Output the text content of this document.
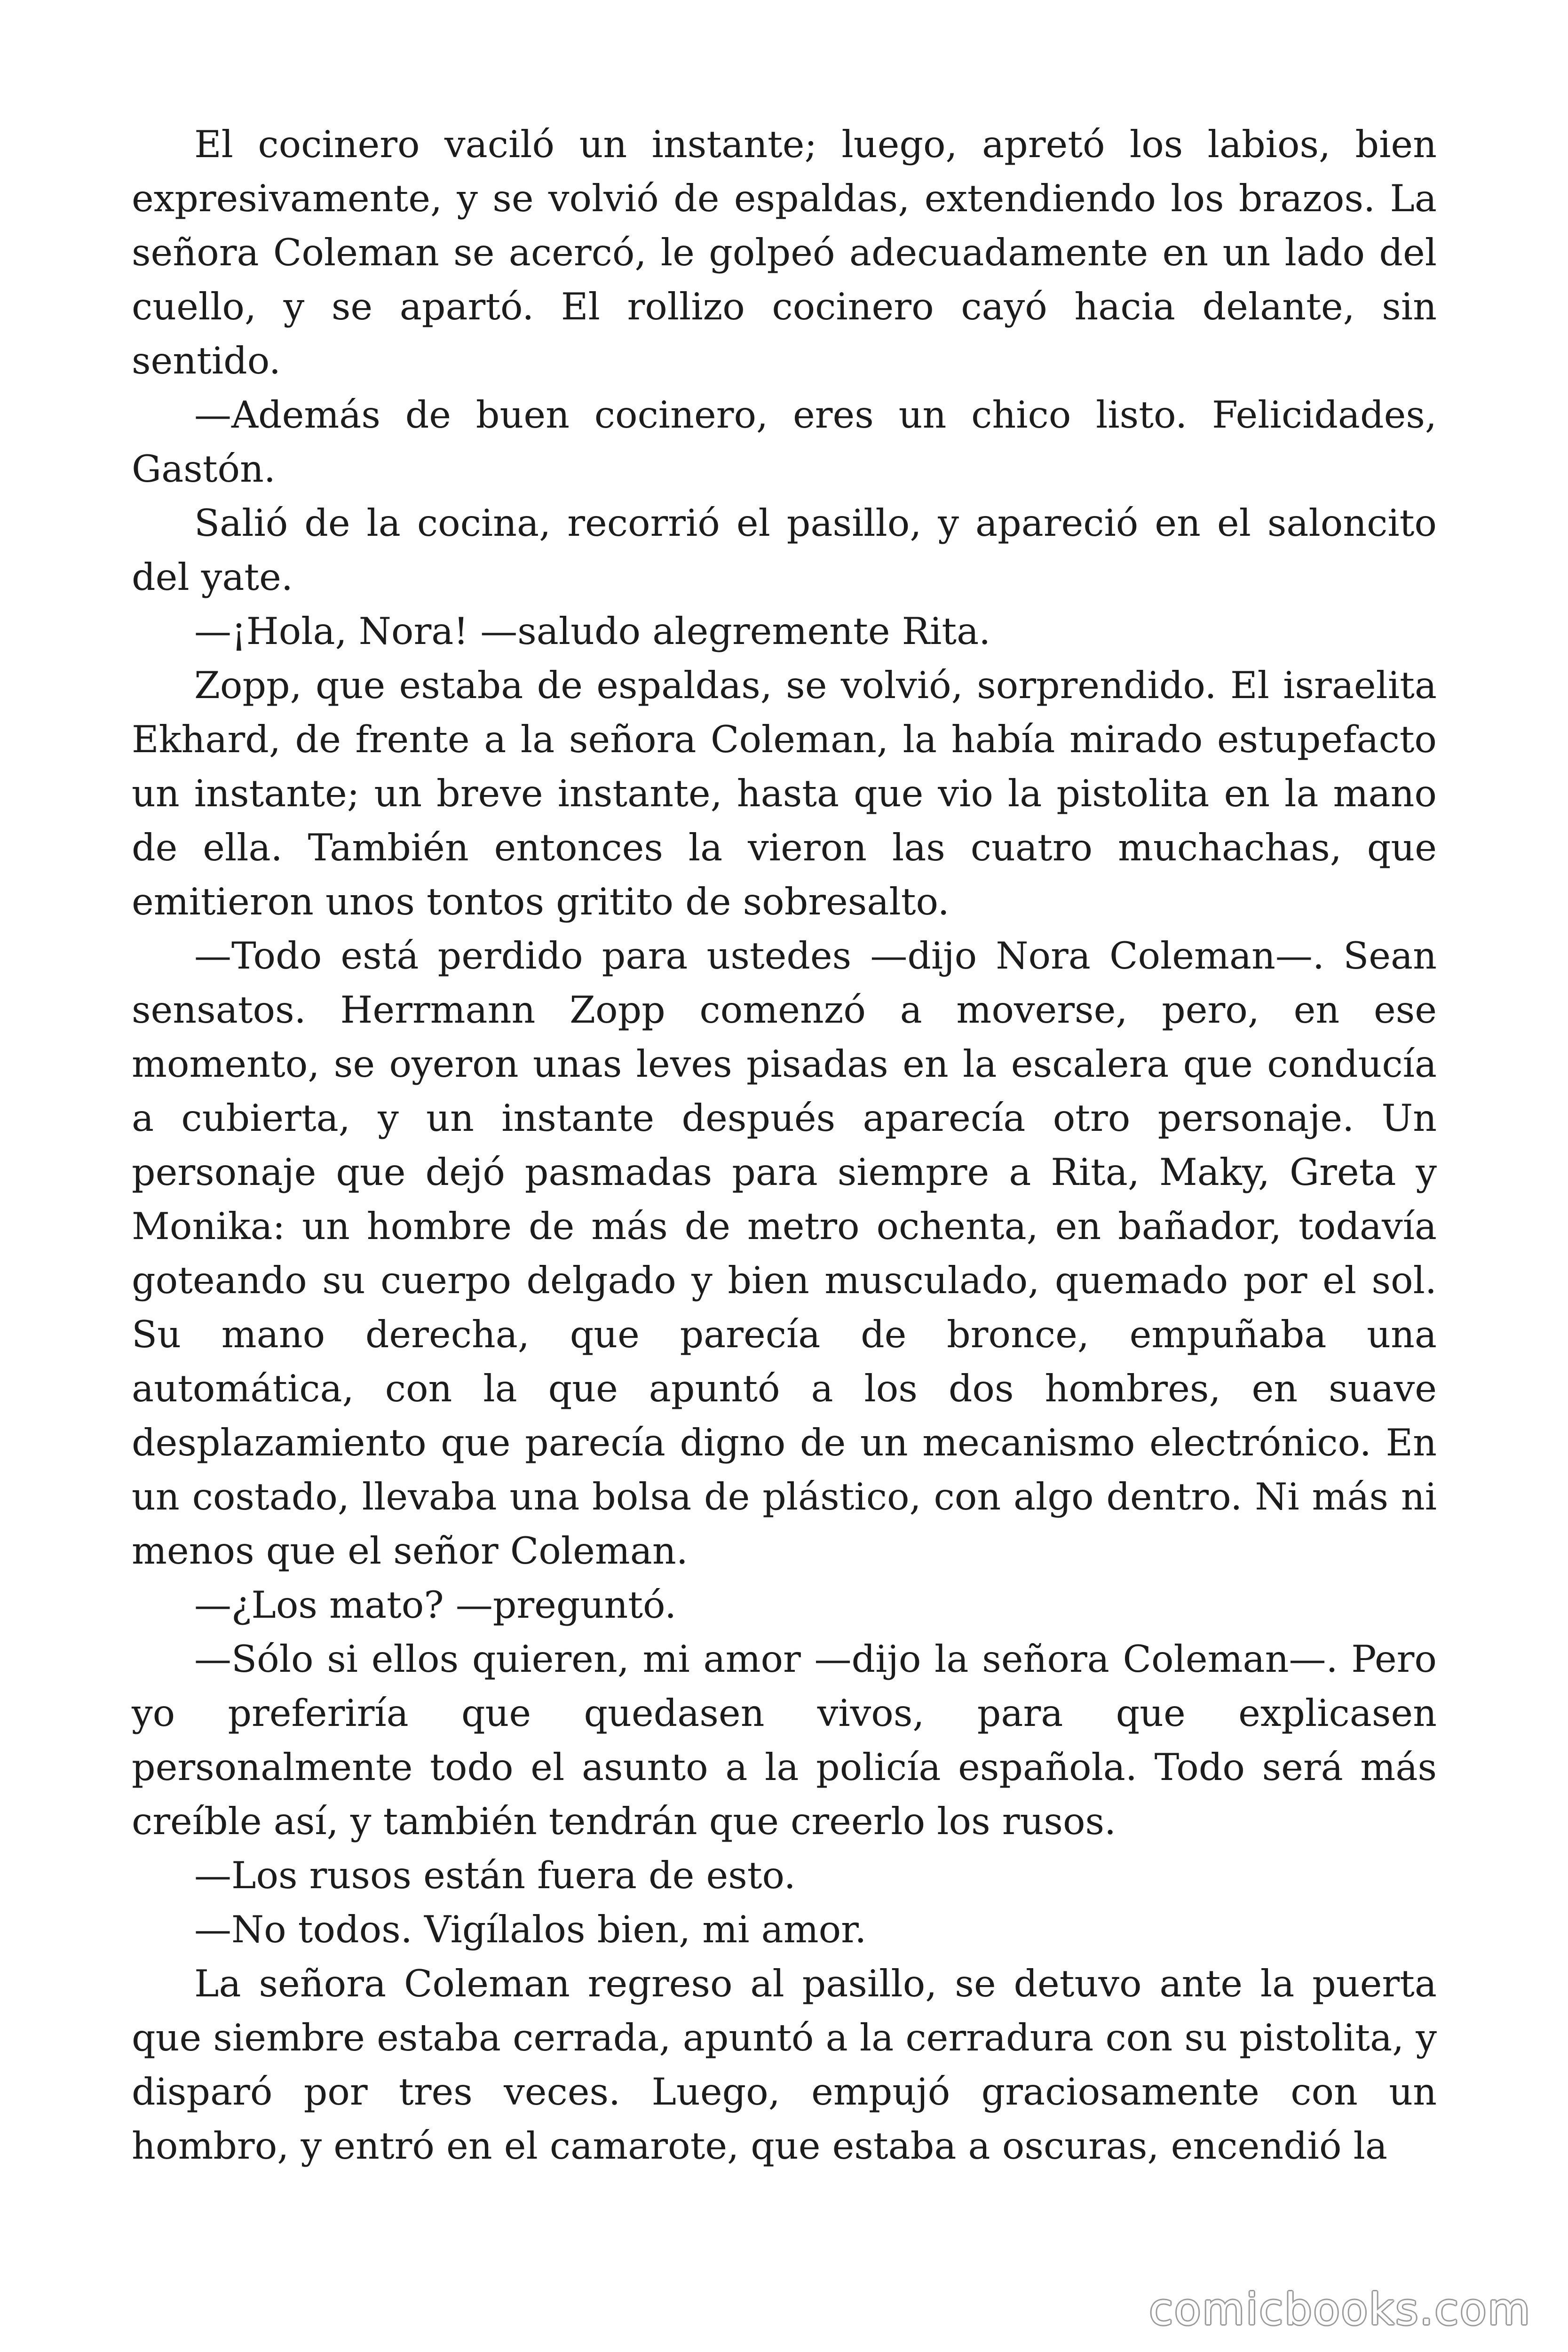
El cocinero vaciló un instante; luego, apretó los labios, bien expresivamente, y se volvió de espaldas, extendiendo los brazos. La señora Coleman se acercó, le golpeó adecuadamente en un lado del cuello, y se apartó. El rollizo cocinero cayó hacia delante, sin sentido.

—Además de buen cocinero, eres un chico listo. Felicidades, Gastón.

Salió de la cocina, recorrió el pasillo, y apareció en el saloncito del yate.

—¡Hola, Nora! —saludo alegremente Rita.

Zopp, que estaba de espaldas, se volvió, sorprendido. El israelita Ekhard, de frente a la señora Coleman, la había mirado estupefacto un instante; un breve instante, hasta que vio la pistolita en la mano de ella. También entonces la vieron las cuatro muchachas, que emitieron unos tontos gritito de sobresalto.

—Todo está perdido para ustedes —dijo Nora Coleman—. Sean sensatos. Herrmann Zopp comenzó a moverse, pero, en ese momento, se oyeron unas leves pisadas en la escalera que conducía a cubierta, y un instante después aparecía otro personaje. Un personaje que dejó pasmadas para siempre a Rita, Maky, Greta y Monika: un hombre de más de metro ochenta, en bañador, todavía goteando su cuerpo delgado y bien musculado, quemado por el sol. Su mano derecha, que parecía de bronce, empuñaba una automática, con la que apuntó a los dos hombres, en suave desplazamiento que parecía digno de un mecanismo electrónico. En un costado, llevaba una bolsa de plástico, con algo dentro. Ni más ni menos que el señor Coleman.

—¿Los mato? —preguntó.

—Sólo si ellos quieren, mi amor —dijo la señora Coleman—. Pero yo preferiría que quedasen vivos, para que explicasen personalmente todo el asunto a la policía española. Todo será más creíble así, y también tendrán que creerlo los rusos.

—Los rusos están fuera de esto.

—No todos. Vigílalos bien, mi amor.

La señora Coleman regreso al pasillo, se detuvo ante la puerta que siembre estaba cerrada, apuntó a la cerradura con su pistolita, y disparó por tres veces. Luego, empujó graciosamente con un hombro, y entró en el camarote, que estaba a oscuras, encendió la

comicbooks.com
